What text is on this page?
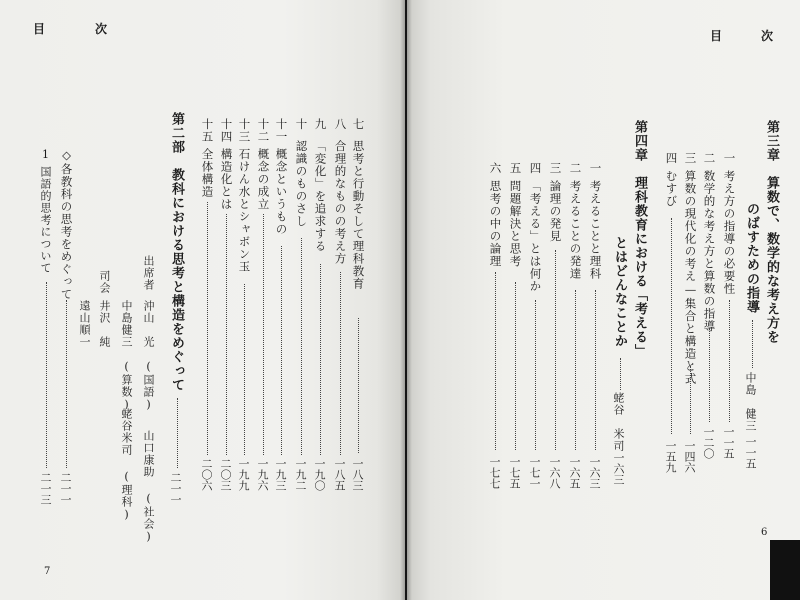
目	次
7
七
思考と行動そして理科教育
一八三
八
合理的なものの考え方
一八五
九
「変化」を追求する
一九〇
十
認識のものさし
一九二
十一
概念というもの
一九三
十二
概念の成立
一九六
十三
石けん水とシャボン玉
一九九
十四
構造化とは
二〇三
十五
全体構造
二〇六
第二部　教科における思考と構造をめぐって
二一一
出席者
沖山　光
(国語)
山口康助
(社会)
中島健三
(算数)
蛯谷米司
(理科)
司会
井沢　純
遠山順一
◇各教科の思考をめぐって
二一一
1
国語的思考について
二一三
目	次
6
第三章　算数で、数学的な考え方を
のばすための指導
中島　健三
一一五
一
考え方の指導の必要性
一一五
二
数学的な考え方と算数の指導
一二〇
三
算数の現代化の考え—集合と構造と式
一四六
四
むすび
一五九
第四章　理科教育における「考える」
とはどんなことか
蛯谷　米司
一六三
一
考えることと理科
一六三
二
考えることの発達
一六五
三
論理の発見
一六八
四
「考える」とは何か
一七一
五
問題解決と思考
一七五
六
思考の中の論理
一七七
